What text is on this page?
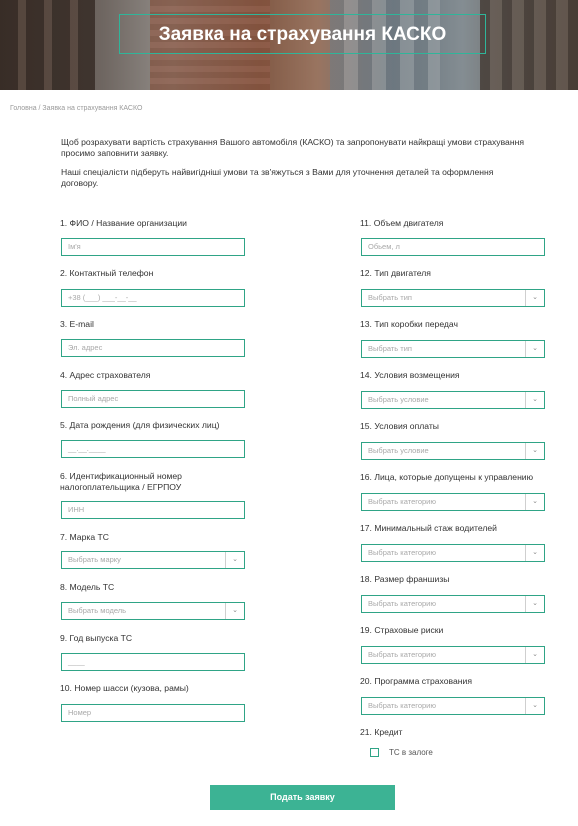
Заявка на страхування КАСКО
Головна / Заявка на страхування КАСКО

Щоб розрахувати вартість страхування Вашого автомобіля (КАСКО) та запропонувати найкращі умови страхування просимо заповнити заявку.

Наші спеціалісти підберуть найвигідніші умови та зв'яжуться з Вами для уточнення деталей та оформлення договору.

1. ФИО / Название организации
Ім'я
2. Контактный телефон
+38 (___) ___-__-__
3. E-mail
Эл. адрес
4. Адрес страхователя
Полный адрес
5. Дата рождения (для физических лиц)
__.__.____
6. Идентификационный номер налогоплательщика / ЕГРПОУ
ИНН
7. Марка ТС
Выбрать марку	⌄
8. Модель ТС
Выбрать модель	⌄
9. Год выпуска ТС
____
10. Номер шасси (кузова, рамы)
Номер
11. Объем двигателя
Обьем, л
12. Тип двигателя
Выбрать тип	⌄
13. Тип коробки передач
Выбрать тип	⌄
14. Условия возмещения
Выбрать условие	⌄
15. Условия оплаты
Выбрать условие	⌄
16. Лица, которые допущены к управлению
Выбрать категорию	⌄
17. Минимальный стаж водителей
Выбрать категорию	⌄
18. Размер франшизы
Выбрать категорию	⌄
19. Страховые риски
Выбрать категорию	⌄
20. Программа страхования
Выбрать категорию	⌄
21. Кредит
ТС в залоге
Подать заявку
